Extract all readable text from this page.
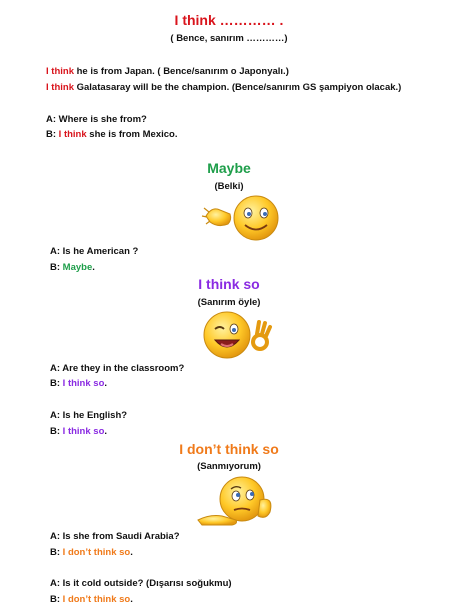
I think ………… .
( Bence, sanırım …………)
I think he is from Japan. ( Bence/sanırım o Japonyalı.)
I think Galatasaray will be the champion. (Bence/sanırım GS şampiyon olacak.)
A: Where is she from?
B: I think she is from Mexico.
Maybe
(Belki)
A: Is he American ?
B: Maybe.
I think so
(Sanırım öyle)
A: Are they in the classroom?
B: I think so.
A: Is he English?
B: I think so.
I don’t think so
(Sanmıyorum)
A: Is she from Saudi Arabia?
B: I don’t think so.
A: Is it cold outside? (Dışarısı soğukmu)
B: I don’t think so.
